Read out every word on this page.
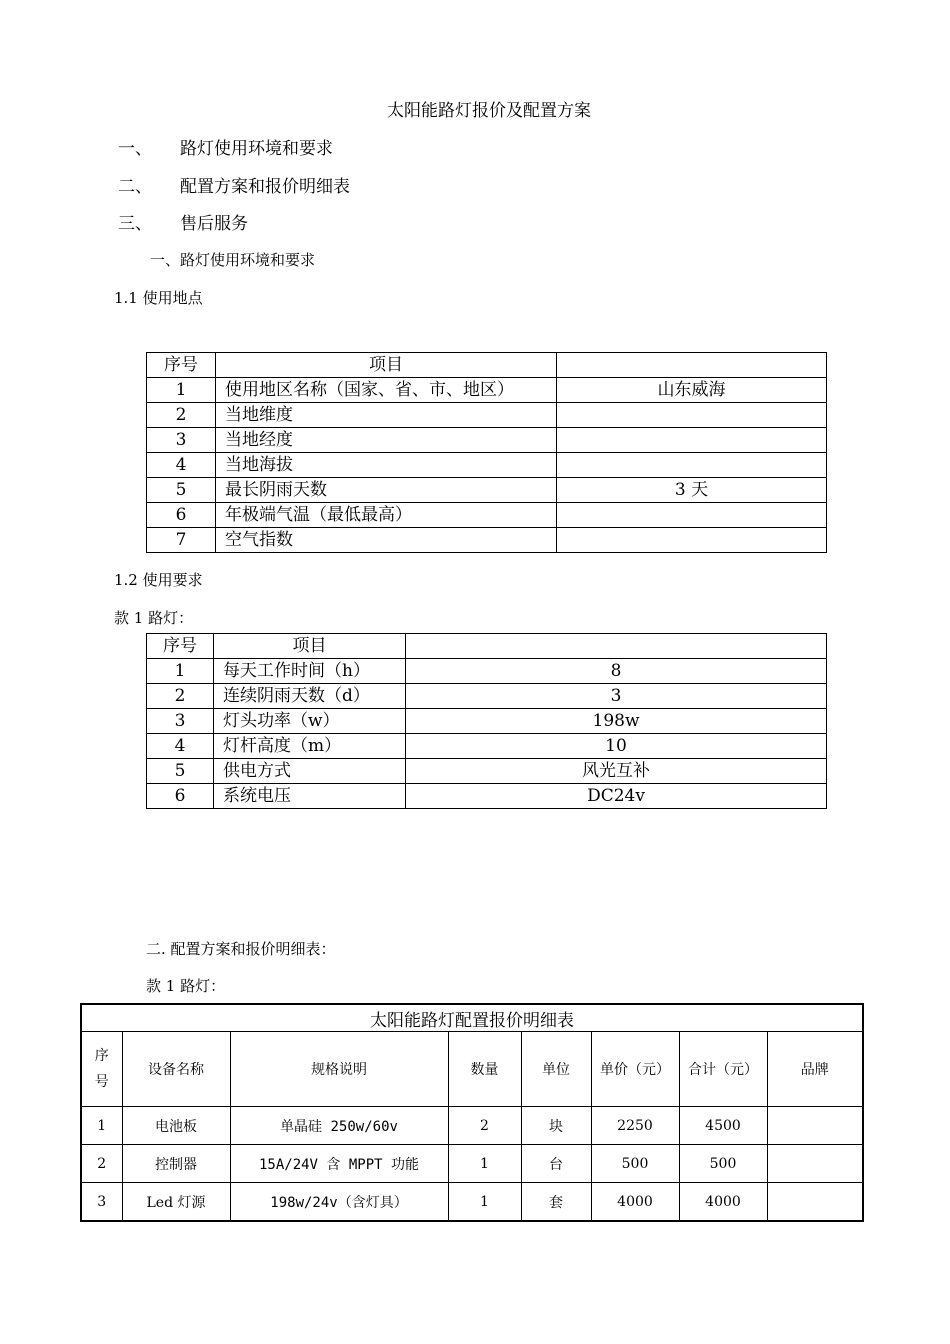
太阳能路灯报价及配置方案
一、 路灯使用环境和要求
二、 配置方案和报价明细表
三、 售后服务
一、路灯使用环境和要求
1.1 使用地点
序号	项目	
1	使用地区名称（国家、省、市、地区）	山东威海
2	当地维度	
3	当地经度	
4	当地海拔	
5	最长阴雨天数	3 天
6	年极端气温（最低最高）	
7	空气指数	
1.2 使用要求
款 1 路灯：
序号	项目	
1	每天工作时间（h）	8
2	连续阴雨天数（d）	3
3	灯头功率（w）	198w
4	灯杆高度（m）	10
5	供电方式	风光互补
6	系统电压	DC24v
二. 配置方案和报价明细表：
款 1 路灯：
太阳能路灯配置报价明细表							

序
号	设备名称	规格说明	数量	单位	单价（元）	合计（元）	品牌
1	电池板	单晶硅 250w/60v	2	块	2250	4500	
2	控制器	15A/24V 含 MPPT 功能	1	台	500	500	
3	Led 灯源	198w/24v（含灯具）	1	套	4000	4000	
